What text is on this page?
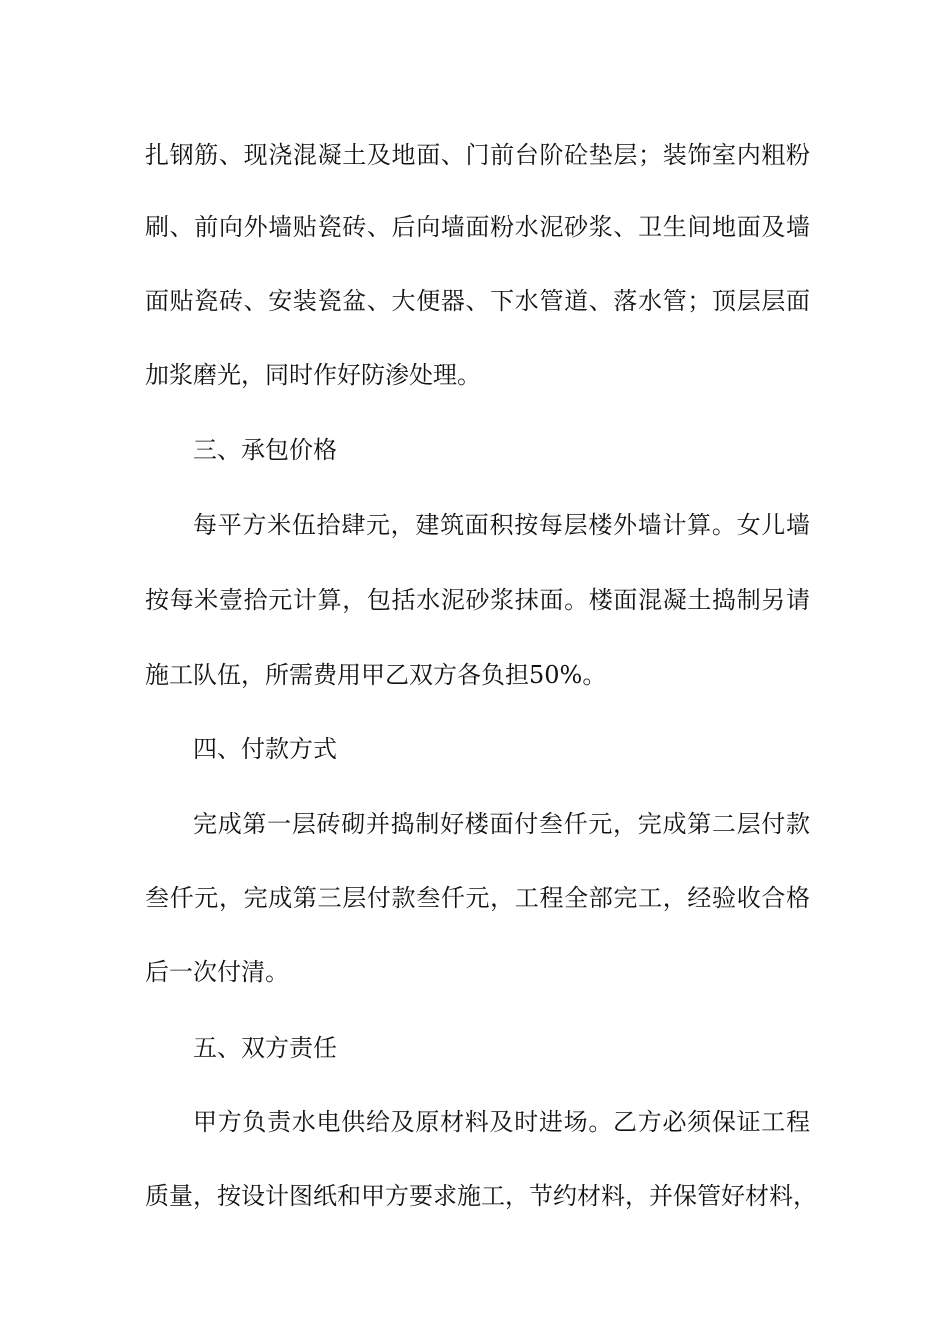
扎钢筋、现浇混凝土及地面、门前台阶砼垫层；装饰室内粗粉
刷、前向外墙贴瓷砖、后向墙面粉水泥砂浆、卫生间地面及墙
面贴瓷砖、安装瓷盆、大便器、下水管道、落水管；顶层层面
加浆磨光，同时作好防渗处理。
三、承包价格
每平方米伍拾肆元，建筑面积按每层楼外墙计算。女儿墙
按每米壹拾元计算，包括水泥砂浆抹面。楼面混凝土捣制另请
施工队伍，所需费用甲乙双方各负担50%。
四、付款方式
完成第一层砖砌并捣制好楼面付叁仟元，完成第二层付款
叁仟元，完成第三层付款叁仟元，工程全部完工，经验收合格
后一次付清。
五、双方责任
甲方负责水电供给及原材料及时进场。乙方必须保证工程
质量，按设计图纸和甲方要求施工，节约材料，并保管好材料，
